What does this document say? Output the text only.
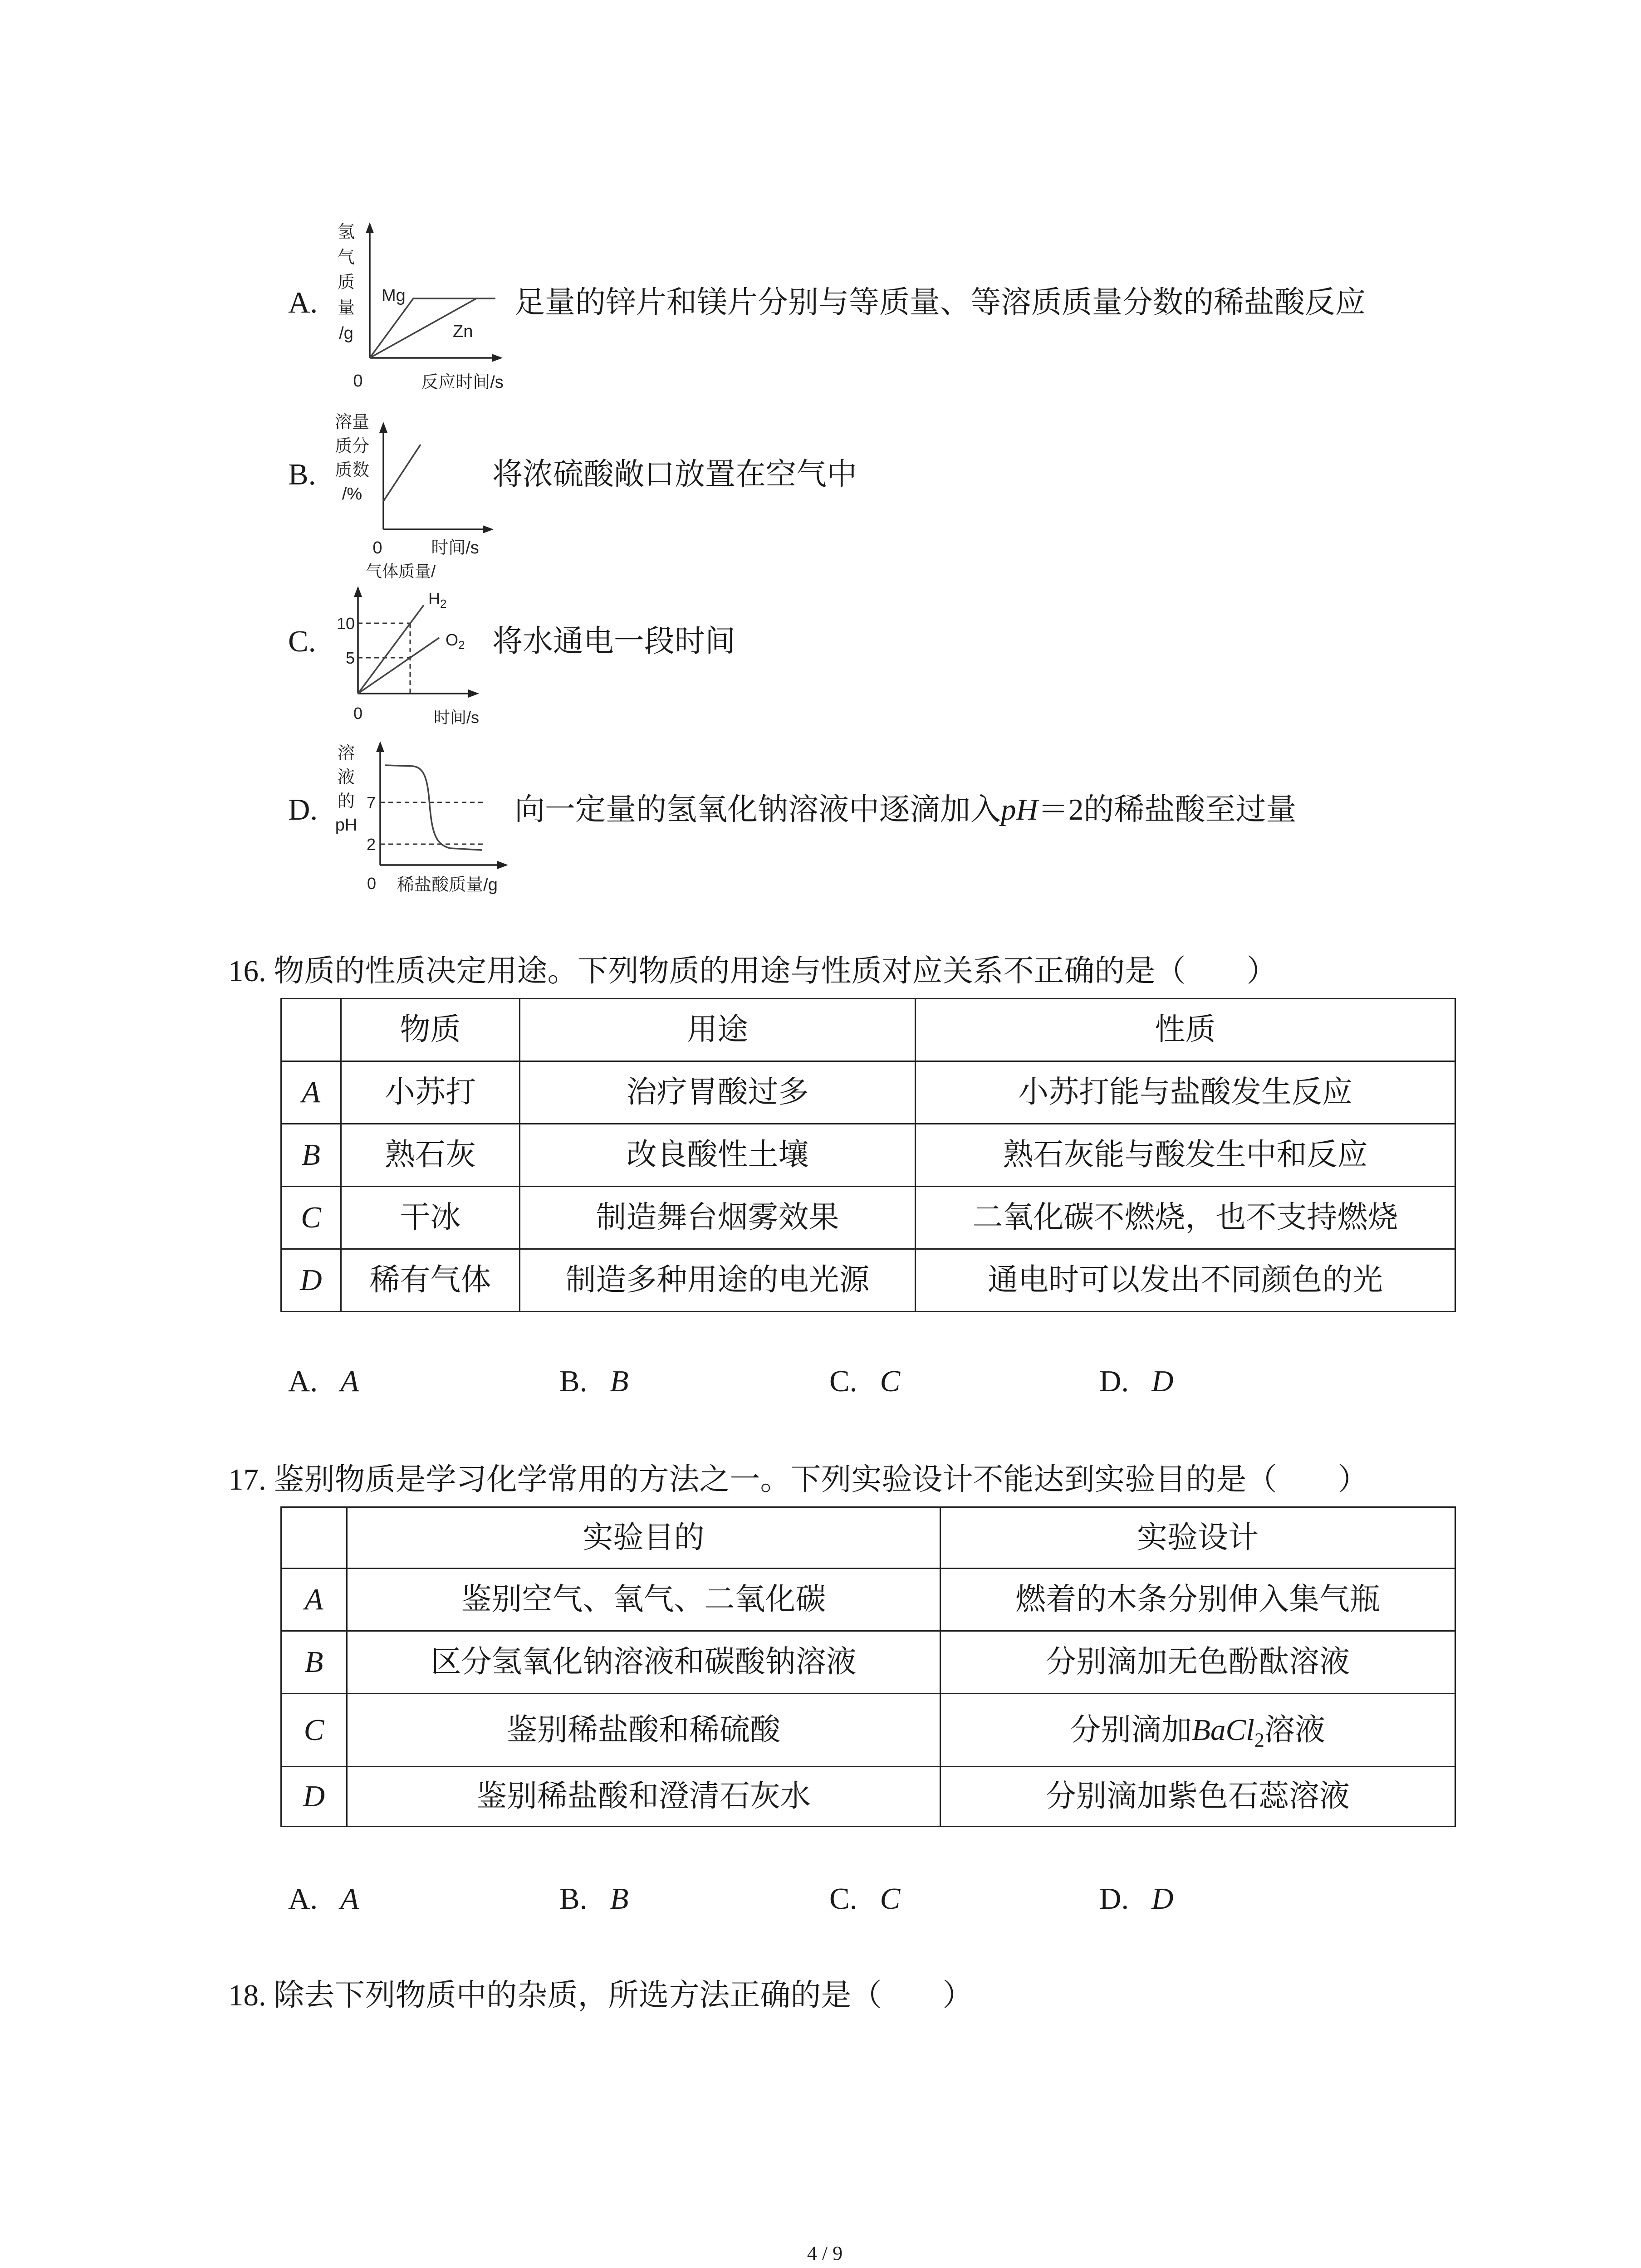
A.
氢
气
质
量
/g
Mg
Zn
0	反应时间/s
足量的锌片和镁片分别与等质量、等溶质质量分数的稀盐酸反应
B.
溶量
质分
质数
/%
0	时间/s
将浓硫酸敞口放置在空气中
C.
气体质量/
10
5
$H_2$
$O_2$
0	时间/s
将水通电一段时间
D.
溶
液
的
pH
7
2
0 稀盐酸质量/g
向一定量的氢氧化钠溶液中逐滴加入pH＝2的稀盐酸至过量
16. 物质的性质决定用途。下列物质的用途与性质对应关系不正确的是（　　）
	物质	用途	性质
A	小苏打	治疗胃酸过多	小苏打能与盐酸发生反应
B	熟石灰	改良酸性土壤	熟石灰能与酸发生中和反应
C	干冰	制造舞台烟雾效果	二氧化碳不燃烧，也不支持燃烧
D	稀有气体	制造多种用途的电光源	通电时可以发出不同颜色的光
A. A	B. B	C. C	D. D
17. 鉴别物质是学习化学常用的方法之一。下列实验设计不能达到实验目的是（　　）
	实验目的	实验设计
A	鉴别空气、氧气、二氧化碳	燃着的木条分别伸入集气瓶
B	区分氢氧化钠溶液和碳酸钠溶液	分别滴加无色酚酞溶液
C	鉴别稀盐酸和稀硫酸	分别滴加BaCl$_2$溶液
D	鉴别稀盐酸和澄清石灰水	分别滴加紫色石蕊溶液
A. A	B. B	C. C	D. D
18. 除去下列物质中的杂质，所选方法正确的是（　　）
4 / 9
